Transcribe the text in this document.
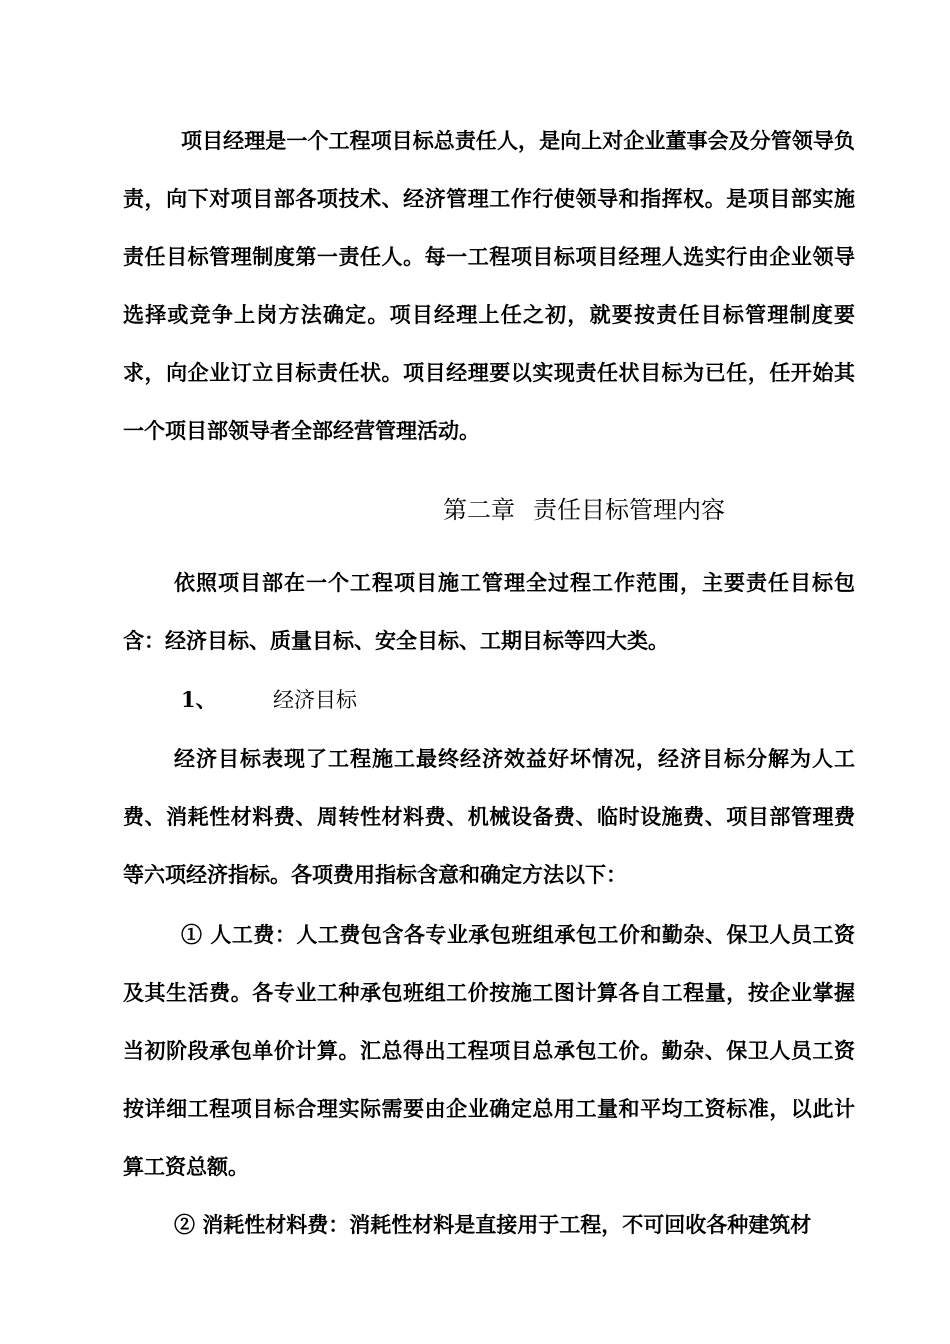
项目经理是一个工程项目标总责任人，是向上对企业董事会及分管领导负责，向下对项目部各项技术、经济管理工作行使领导和指挥权。是项目部实施责任目标管理制度第一责任人。每一工程项目标项目经理人选实行由企业领导选择或竞争上岗方法确定。项目经理上任之初，就要按责任目标管理制度要求，向企业订立目标责任状。项目经理要以实现责任状目标为已任，任开始其一个项目部领导者全部经营管理活动。

第二章 责任目标管理内容

依照项目部在一个工程项目施工管理全过程工作范围，主要责任目标包含：经济目标、质量目标、安全目标、工期目标等四大类。

1、	经济目标

经济目标表现了工程施工最终经济效益好坏情况，经济目标分解为人工费、消耗性材料费、周转性材料费、机械设备费、临时设施费、项目部管理费等六项经济指标。各项费用指标含意和确定方法以下：

① 人工费：人工费包含各专业承包班组承包工价和勤杂、保卫人员工资及其生活费。各专业工种承包班组工价按施工图计算各自工程量，按企业掌握当初阶段承包单价计算。汇总得出工程项目总承包工价。勤杂、保卫人员工资按详细工程项目标合理实际需要由企业确定总用工量和平均工资标准，以此计算工资总额。

② 消耗性材料费：消耗性材料是直接用于工程，不可回收各种建筑材
